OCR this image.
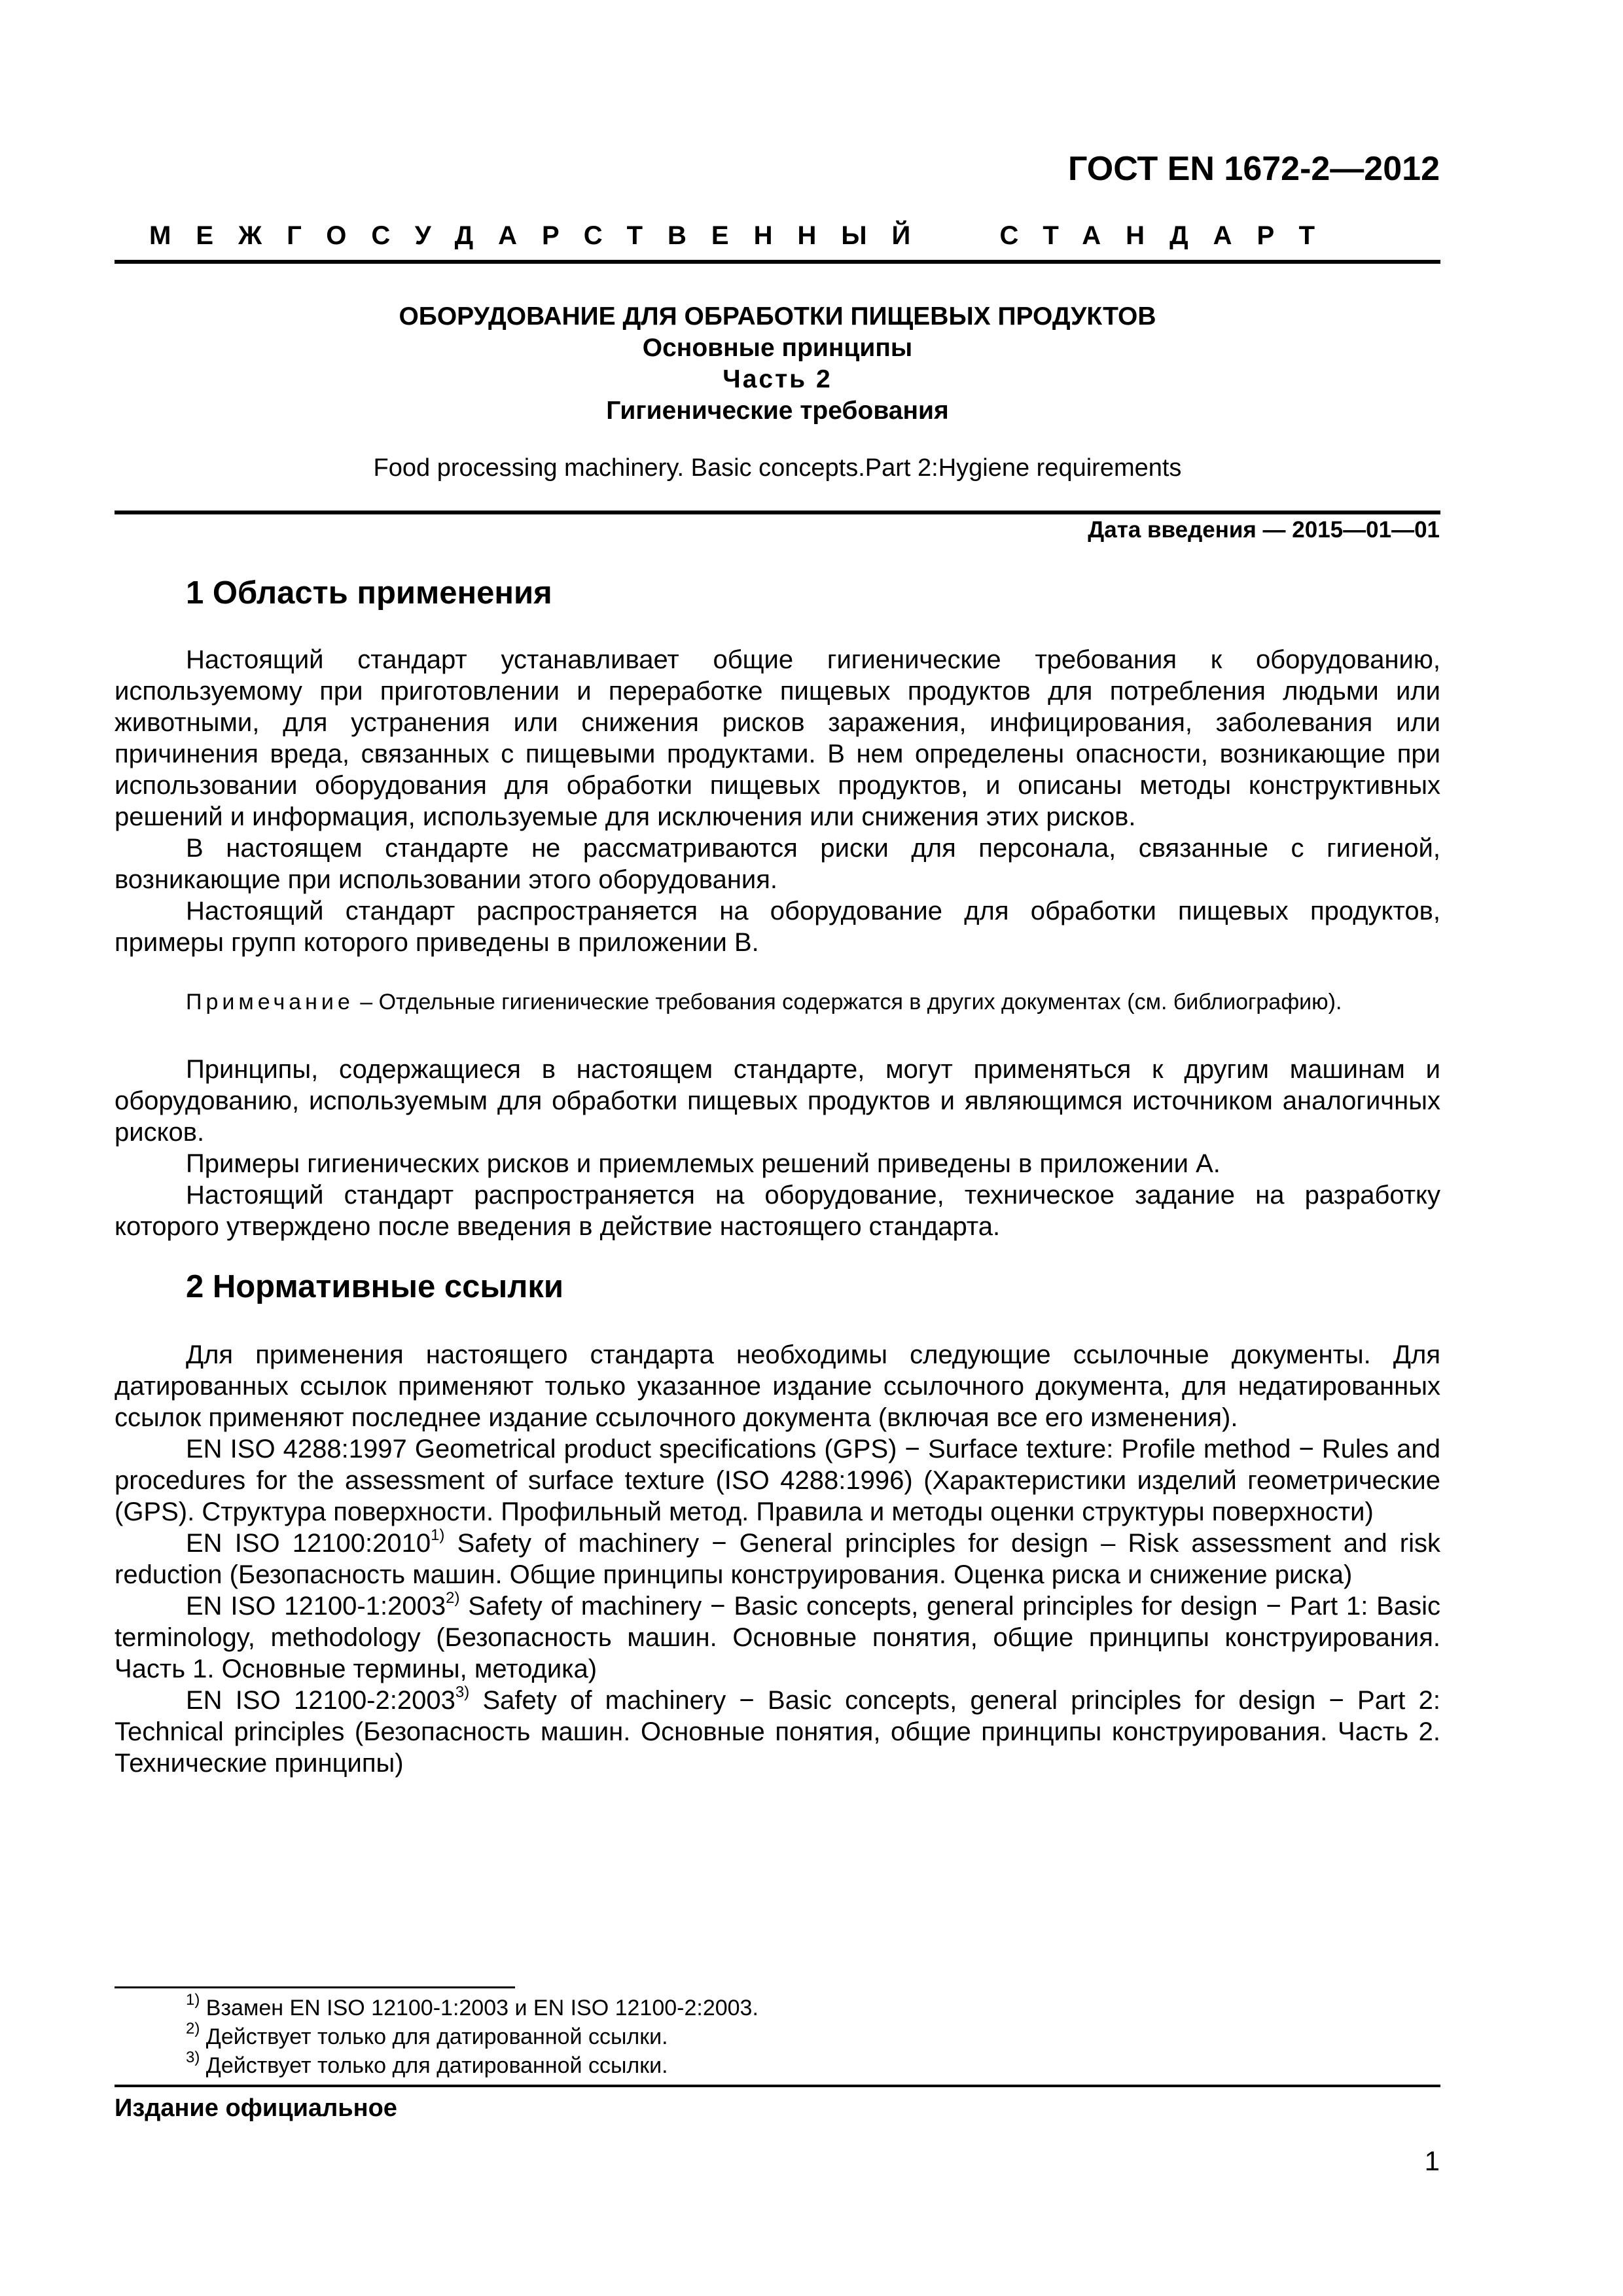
ГОСТ EN 1672-2—2012
МЕЖГОСУДАРСТВЕННЫЙ  СТАНДАРТ
ОБОРУДОВАНИЕ ДЛЯ ОБРАБОТКИ ПИЩЕВЫХ ПРОДУКТОВ
Основные принципы
Часть 2
Гигиенические требования
Food processing machinery. Basic concepts.Part 2:Hygiene requirements
Дата введения — 2015—01—01
1 Область применения

Настоящий стандарт устанавливает общие гигиенические требования к оборудованию, используемому при приготовлении и переработке пищевых продуктов для потребления людьми или животными, для устранения или снижения рисков заражения, инфицирования, заболевания или причинения вреда, связанных с пищевыми продуктами. В нем определены опасности, возникающие при использовании оборудования для обработки пищевых продуктов, и описаны методы конструктивных решений и информация, используемые для исключения или снижения этих рисков.

В настоящем стандарте не рассматриваются риски для персонала, связанные с гигиеной, возникающие при использовании этого оборудования.

Настоящий стандарт распространяется на оборудование для обработки пищевых продуктов, примеры групп которого приведены в приложении В.

Примечание – Отдельные гигиенические требования содержатся в других документах (см. библиографию).

Принципы, содержащиеся в настоящем стандарте, могут применяться к другим машинам и оборудованию, используемым для обработки пищевых продуктов и являющимся источником аналогичных рисков.

Примеры гигиенических рисков и приемлемых решений приведены в приложении А.

Настоящий стандарт распространяется на оборудование, техническое задание на разработку которого утверждено после введения в действие настоящего стандарта.

2 Нормативные ссылки

Для применения настоящего стандарта необходимы следующие ссылочные документы. Для датированных ссылок применяют только указанное издание ссылочного документа, для недатированных ссылок применяют последнее издание ссылочного документа (включая все его изменения).

EN ISO 4288:1997 Geometrical product specifications (GPS) − Surface texture: Profile method − Rules and procedures for the assessment of surface texture (ISO 4288:1996) (Характеристики изделий геометрические (GPS). Структура поверхности. Профильный метод. Правила и методы оценки структуры поверхности)

EN ISO 12100:2010$^{1)}$ Safety of machinery − General principles for design – Risk assessment and risk reduction (Безопасность машин. Общие принципы конструирования. Оценка риска и снижение риска)

EN ISO 12100-1:2003$^{2)}$ Safety of machinery − Basic concepts, general principles for design − Part 1: Basic terminology, methodology (Безопасность машин. Основные понятия, общие принципы конструирования. Часть 1. Основные термины, методика)

EN ISO 12100-2:2003$^{3)}$ Safety of machinery − Basic concepts, general principles for design − Part 2: Technical principles (Безопасность машин. Основные понятия, общие принципы конструирования. Часть 2. Технические принципы)

$^{1)}$ Взамен EN ISO 12100-1:2003 и EN ISO 12100-2:2003.
$^{2)}$ Действует только для датированной ссылки.
$^{3)}$ Действует только для датированной ссылки.
Издание официальное
1
